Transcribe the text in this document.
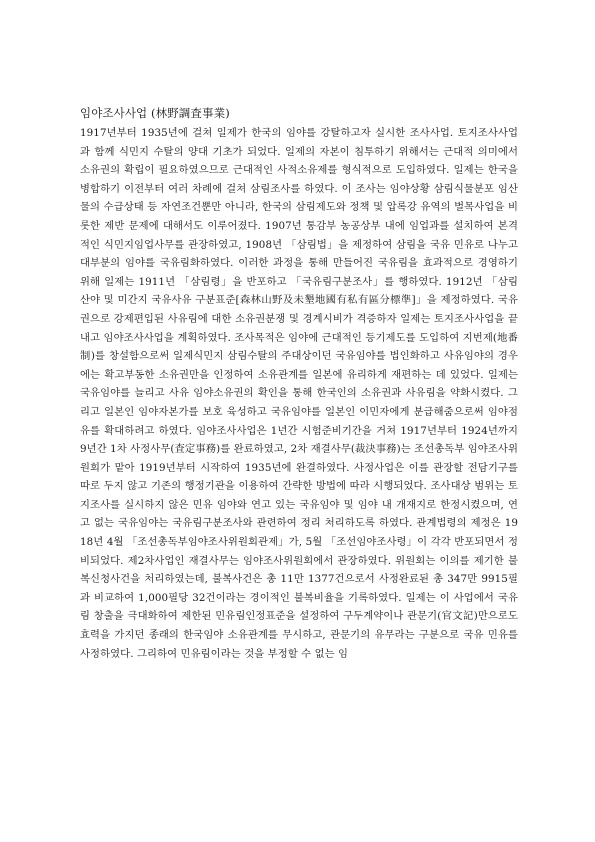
임야조사사업 (林野調査事業)

1917년부터 1935년에 걸쳐 일제가 한국의 임야를 강탈하고자 실시한 조사사업. 토지조사사업과 함께 식민지 수탈의 양대 기초가 되었다. 일제의 자본이 침투하기 위해서는 근대적 의미에서 소유권의 확립이 필요하였으므로 근대적인 사적소유제를 형식적으로 도입하였다. 일제는 한국을 병합하기 이전부터 여러 차례에 걸쳐 삼림조사를 하였다. 이 조사는 임야상황 삼림식물분포 임산물의 수급상태 등 자연조건뿐만 아니라, 한국의 삼림제도와 정책 및 압록강 유역의 벌목사업을 비롯한 제반 문제에 대해서도 이루어졌다. 1907년 통감부 농공상부 내에 임업과를 설치하여 본격적인 식민지임업사무를 관장하였고, 1908년 「삼림법」을 제정하여 삼림을 국유 민유로 나누고 대부분의 임야를 국유림화하였다. 이러한 과정을 통해 만들어진 국유림을 효과적으로 경영하기 위해 일제는 1911년 「삼림령」을 반포하고 「국유림구분조사」를 행하였다. 1912년 「삼림 산야 및 미간지 국유사유 구분표준[森林山野及未墾地國有私有區分標準]」을 제정하였다. 국유권으로 강제편입된 사유림에 대한 소유권분쟁 및 경계시비가 격증하자 일제는 토지조사사업을 끝내고 임야조사사업을 계획하였다. 조사목적은 임야에 근대적인 등기제도를 도입하여 지번제(地番制)를 창설함으로써 일제식민지 삼림수탈의 주대상이던 국유임야를 법인화하고 사유임야의 경우에는 확고부동한 소유권만을 인정하여 소유관계를 일본에 유리하게 재편하는 데 있었다. 일제는 국유임야를 늘리고 사유 임야소유권의 확인을 통해 한국인의 소유권과 사유림을 약화시켰다. 그리고 일본인 임야자본가를 보호 육성하고 국유임야를 일본인 이민자에게 분급해줌으로써 임야점유를 확대하려고 하였다. 임야조사사업은 1년간 시험준비기간을 거쳐 1917년부터 1924년까지 9년간 1차 사정사무(査定事務)를 완료하였고, 2차 재결사무(裁決事務)는 조선총독부 임야조사위원회가 맡아 1919년부터 시작하여 1935년에 완결하였다. 사정사업은 이를 관장할 전담기구를 따로 두지 않고 기존의 행정기관을 이용하여 간략한 방법에 따라 시행되었다. 조사대상 범위는 토지조사를 실시하지 않은 민유 임야와 연고 있는 국유임야 및 임야 내 개재지로 한정시켰으며, 연고 없는 국유임야는 국유림구분조사와 관련하여 정리 처리하도록 하였다. 관계법령의 제정은 1918년 4월 「조선총독부임야조사위원회관제」가, 5월 「조선임야조사령」이 각각 반포되면서 정비되었다. 제2차사업인 재결사무는 임야조사위원회에서 관장하였다. 위원회는 이의를 제기한 불복신청사건을 처리하였는데, 불복사건은 총 11만 1377건으로서 사정완료된 총 347만 9915필과 비교하여 1,000필당 32건이라는 경이적인 불복비율을 기록하였다. 일제는 이 사업에서 국유림 창출을 극대화하여 제한된 민유림인정표준을 설정하여 구두계약이나 관문기(官文記)만으로도 효력을 가지던 종래의 한국임야 소유관계를 무시하고, 관문기의 유무라는 구분으로 국유 민유를 사정하였다. 그리하여 민유림이라는 것을 부정할 수 없는 임
